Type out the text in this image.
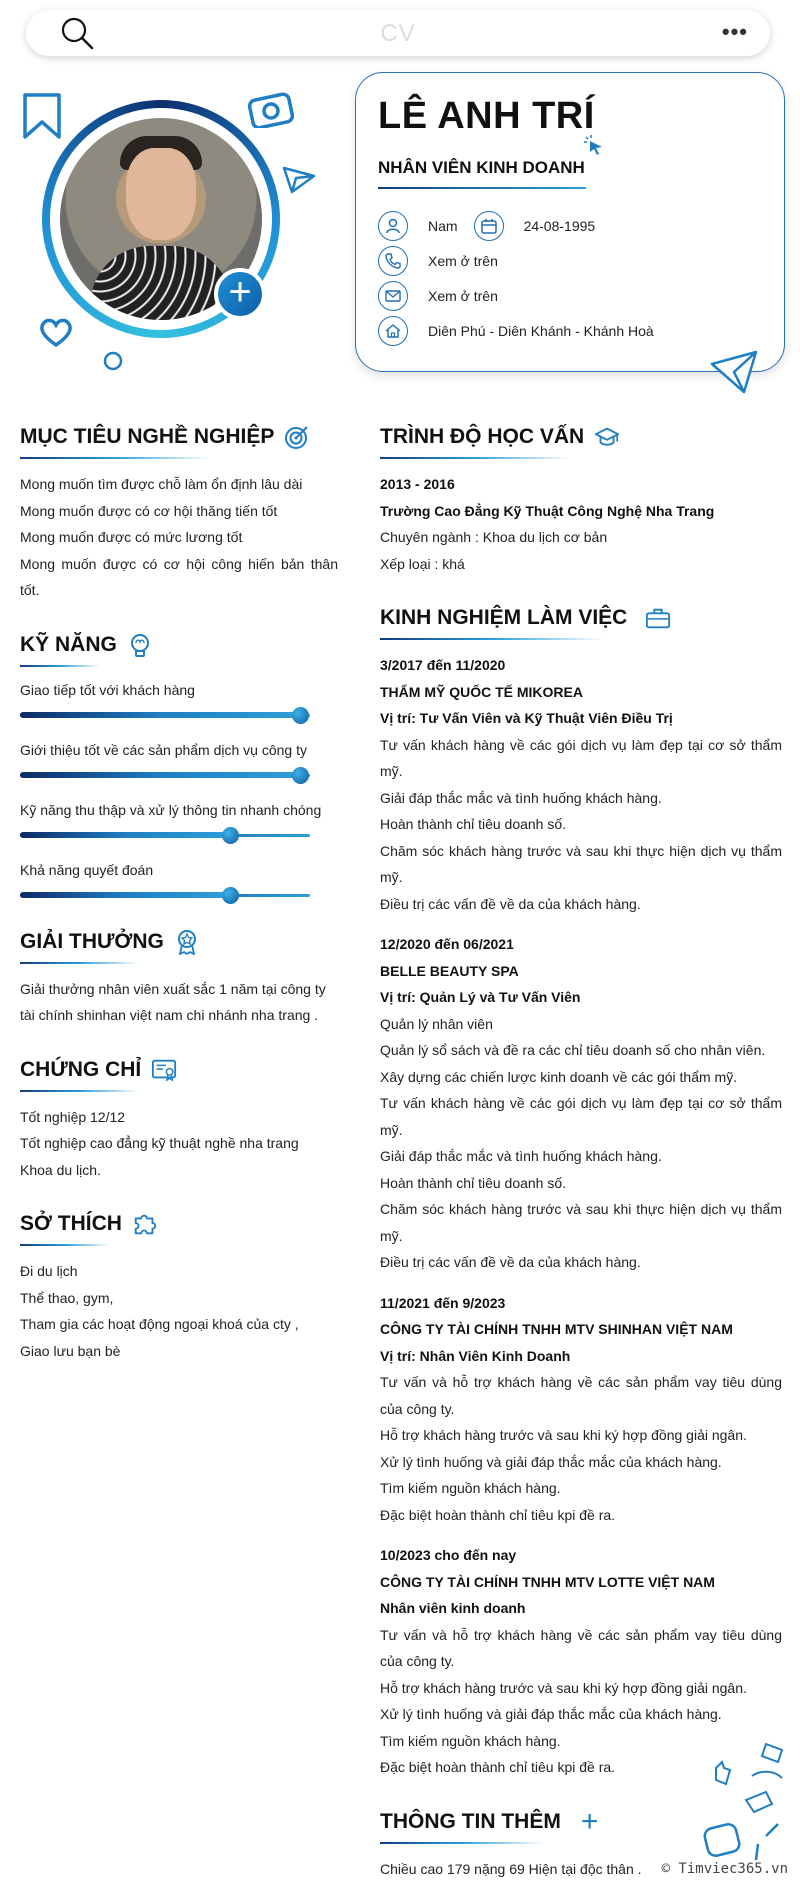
CV	•••
+
LÊ ANH TRÍ
NHÂN VIÊN KINH DOANH
Nam	24-08-1995
Xem ở trên
Xem ở trên
Diên Phú - Diên Khánh - Khánh Hoà
MỤC TIÊU NGHỀ NGHIỆP
Mong muốn tìm được chỗ làm ổn định lâu dài
Mong muốn được có cơ hội thăng tiến tốt
Mong muốn được có mức lương tốt
Mong muốn được có cơ hội công hiến bản thân tốt.
KỸ NĂNG
Giao tiếp tốt với khách hàng
Giới thiệu tốt về các sản phẩm dịch vụ công ty
Kỹ năng thu thập và xử lý thông tin nhanh chóng
Khả năng quyết đoán
GIẢI THƯỞNG
Giải thưởng nhân viên xuất sắc 1 năm tại công ty tài chính shinhan việt nam chi nhánh nha trang .
CHỨNG CHỈ
Tốt nghiệp 12/12
Tốt nghiệp cao đẳng kỹ thuật nghề nha trang
Khoa du lịch.
SỞ THÍCH
Đi du lịch
Thể thao, gym,
Tham gia các hoạt động ngoại khoá của cty ,
Giao lưu bạn bè
TRÌNH ĐỘ HỌC VẤN
2013 - 2016
Trường Cao Đẳng Kỹ Thuật Công Nghệ Nha Trang
Chuyên ngành : Khoa du lịch cơ bản
Xếp loại : khá
KINH NGHIỆM LÀM VIỆC
3/2017 đến 11/2020
THẨM MỸ QUỐC TẾ MIKOREA
Vị trí: Tư Vấn Viên và Kỹ Thuật Viên Điều Trị
Tư vấn khách hàng về các gói dịch vụ làm đẹp tại cơ sở thẩm mỹ.
Giải đáp thắc mắc và tình huống khách hàng.
Hoàn thành chỉ tiêu doanh số.
Chăm sóc khách hàng trước và sau khi thực hiện dịch vụ thẩm mỹ.
Điều trị các vấn đề về da của khách hàng.
12/2020 đến 06/2021
BELLE BEAUTY SPA
Vị trí: Quản Lý và Tư Vấn Viên
Quản lý nhân viên
Quản lý sổ sách và đề ra các chỉ tiêu doanh số cho nhân viên.
Xây dựng các chiến lược kinh doanh về các gói thẩm mỹ.
Tư vấn khách hàng về các gói dịch vụ làm đẹp tại cơ sở thẩm mỹ.
Giải đáp thắc mắc và tình huống khách hàng.
Hoàn thành chỉ tiêu doanh số.
Chăm sóc khách hàng trước và sau khi thực hiện dịch vụ thẩm mỹ.
Điều trị các vấn đề về da của khách hàng.
11/2021 đến 9/2023
CÔNG TY TÀI CHÍNH TNHH MTV SHINHAN VIỆT NAM
Vị trí: Nhân Viên Kinh Doanh
Tư vấn và hỗ trợ khách hàng về các sản phẩm vay tiêu dùng của công ty.
Hỗ trợ khách hàng trước và sau khi ký hợp đồng giải ngân.
Xử lý tình huống và giải đáp thắc mắc của khách hàng.
Tìm kiếm nguồn khách hàng.
Đặc biệt hoàn thành chỉ tiêu kpi đề ra.
10/2023 cho đến nay
CÔNG TY TÀI CHÍNH TNHH MTV LOTTE VIỆT NAM
Nhân viên kinh doanh
Tư vấn và hỗ trợ khách hàng về các sản phẩm vay tiêu dùng của công ty.
Hỗ trợ khách hàng trước và sau khi ký hợp đồng giải ngân.
Xử lý tình huống và giải đáp thắc mắc của khách hàng.
Tìm kiếm nguồn khách hàng.
Đặc biệt hoàn thành chỉ tiêu kpi đề ra.
THÔNG TIN THÊM +
Chiều cao 179 nặng 69 Hiện tại độc thân .	© Timviec365.vn
